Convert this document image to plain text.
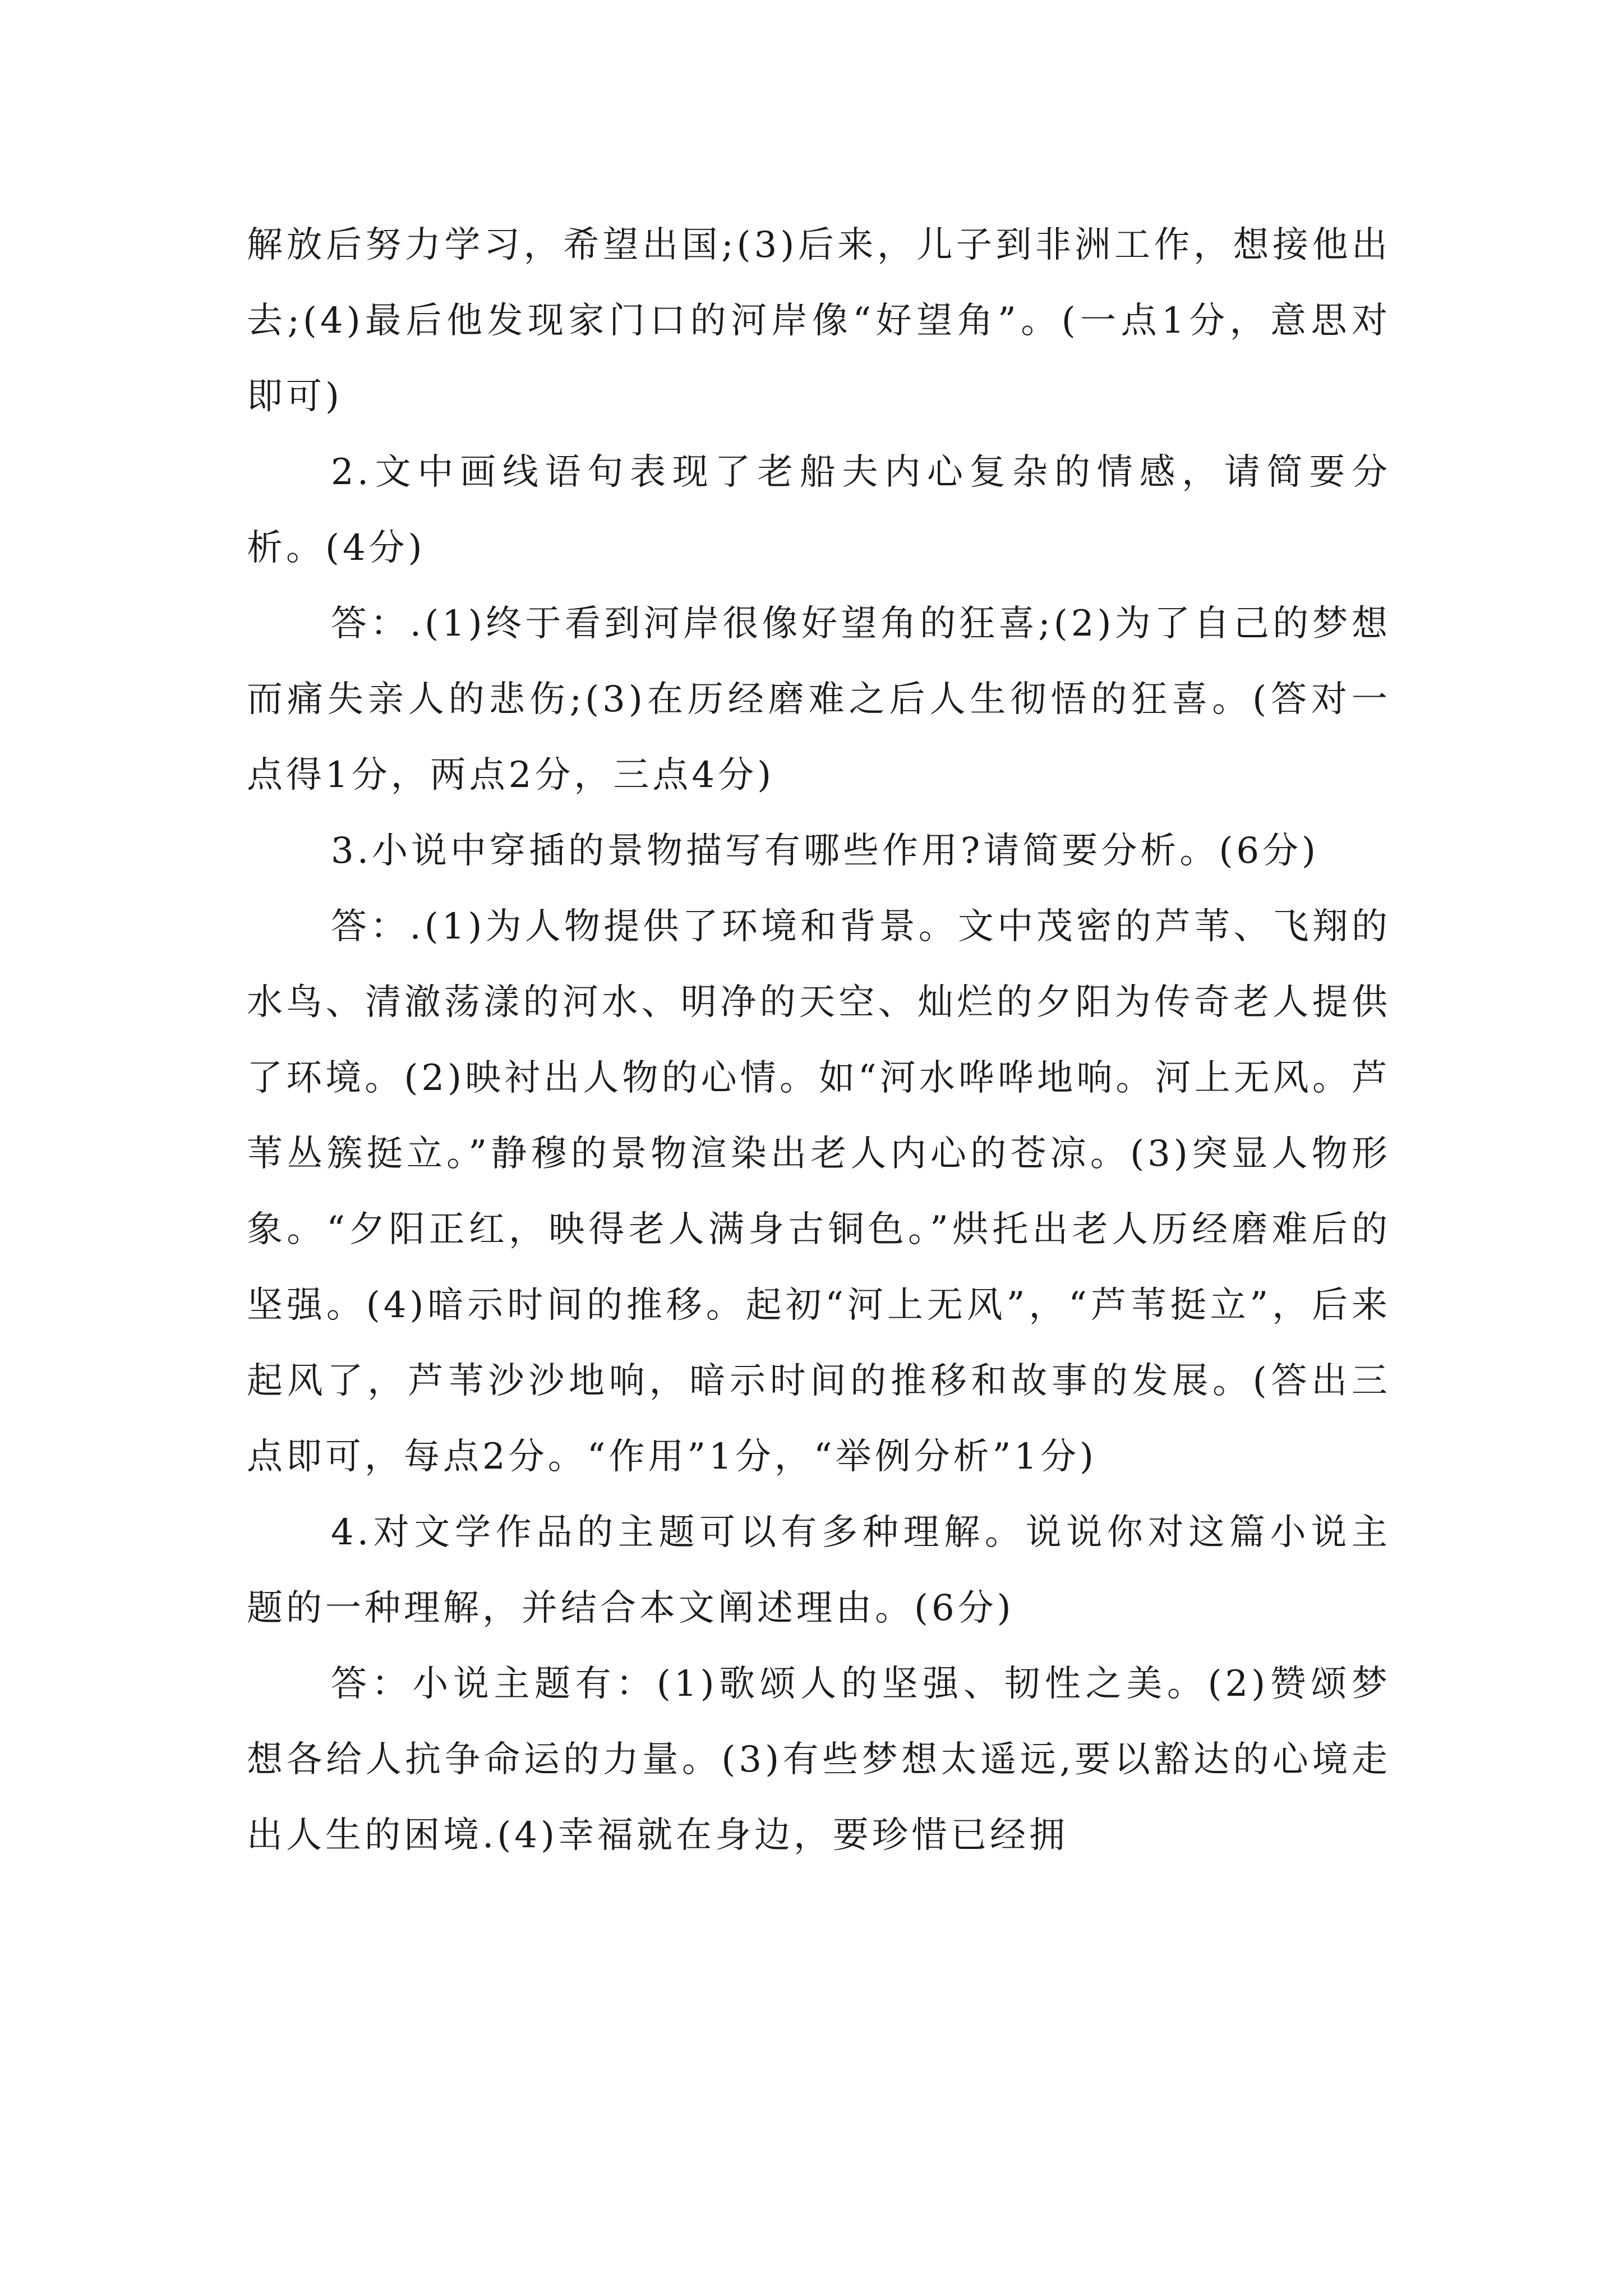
解放后努力学习，希望出国;(3)后来，儿子到非洲工作，想接他出去;(4)最后他发现家门口的河岸像“好望角”。(一点1分，意思对即可)

2.文中画线语句表现了老船夫内心复杂的情感，请简要分析。(4分)

答：.(1)终于看到河岸很像好望角的狂喜;(2)为了自己的梦想而痛失亲人的悲伤;(3)在历经磨难之后人生彻悟的狂喜。(答对一点得1分，两点2分，三点4分)

3.小说中穿插的景物描写有哪些作用?请简要分析。(6分)

答：.(1)为人物提供了环境和背景。文中茂密的芦苇、飞翔的水鸟、清澈荡漾的河水、明净的天空、灿烂的夕阳为传奇老人提供了环境。(2)映衬出人物的心情。如“河水哗哗地响。河上无风。芦苇丛簇挺立。”静穆的景物渲染出老人内心的苍凉。(3)突显人物形象。“夕阳正红，映得老人满身古铜色。”烘托出老人历经磨难后的坚强。(4)暗示时间的推移。起初“河上无风”，“芦苇挺立”，后来起风了，芦苇沙沙地响，暗示时间的推移和故事的发展。(答出三点即可，每点2分。“作用”1分，“举例分析”1分)

4.对文学作品的主题可以有多种理解。说说你对这篇小说主题的一种理解，并结合本文阐述理由。(6分)

答：小说主题有：(1)歌颂人的坚强、韧性之美。(2)赞颂梦想各给人抗争命运的力量。(3)有些梦想太遥远,要以豁达的心境走出人生的困境.(4)幸福就在身边，要珍惜已经拥
